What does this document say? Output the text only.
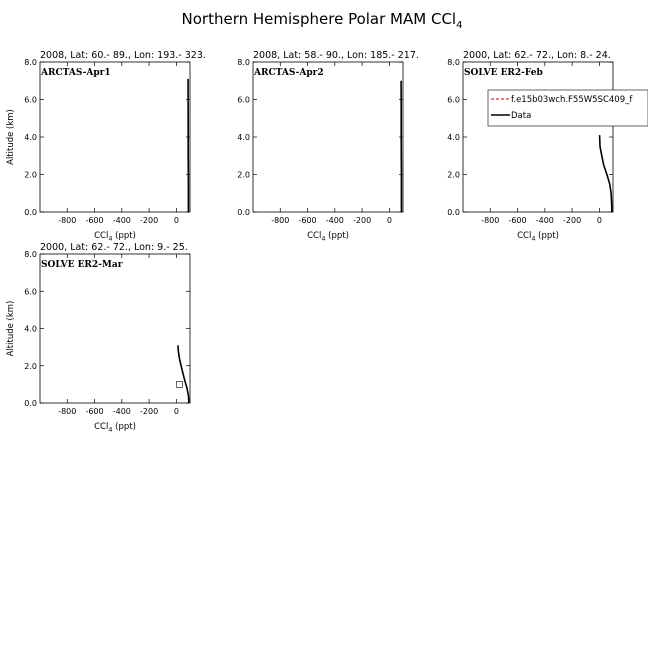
Northern Hemisphere Polar MAM CCl$_4$
2008, Lat: 60.- 89., Lon: 193.- 323.
-800 -600 -400 -200 0
0.0
2.0
4.0
6.0
8.0
CCl$_4$ (ppt)
Altitude (km)
ARCTAS-Apr1
2008, Lat: 58.- 90., Lon: 185.- 217.
-800 -600 -400 -200 0
0.0
2.0
4.0
6.0
8.0
CCl$_4$ (ppt)
ARCTAS-Apr2
2000, Lat: 62.- 72., Lon: 8.- 24.
-800 -600 -400 -200 0
0.0
2.0
4.0
6.0
8.0
CCl$_4$ (ppt)
SOLVE ER2-Feb
f.e15b03wch.F55W5SC409_f
Data
2000, Lat: 62.- 72., Lon: 9.- 25.
-800 -600 -400 -200 0
0.0
2.0
4.0
6.0
8.0
CCl$_4$ (ppt)
Altitude (km)
SOLVE ER2-Mar
